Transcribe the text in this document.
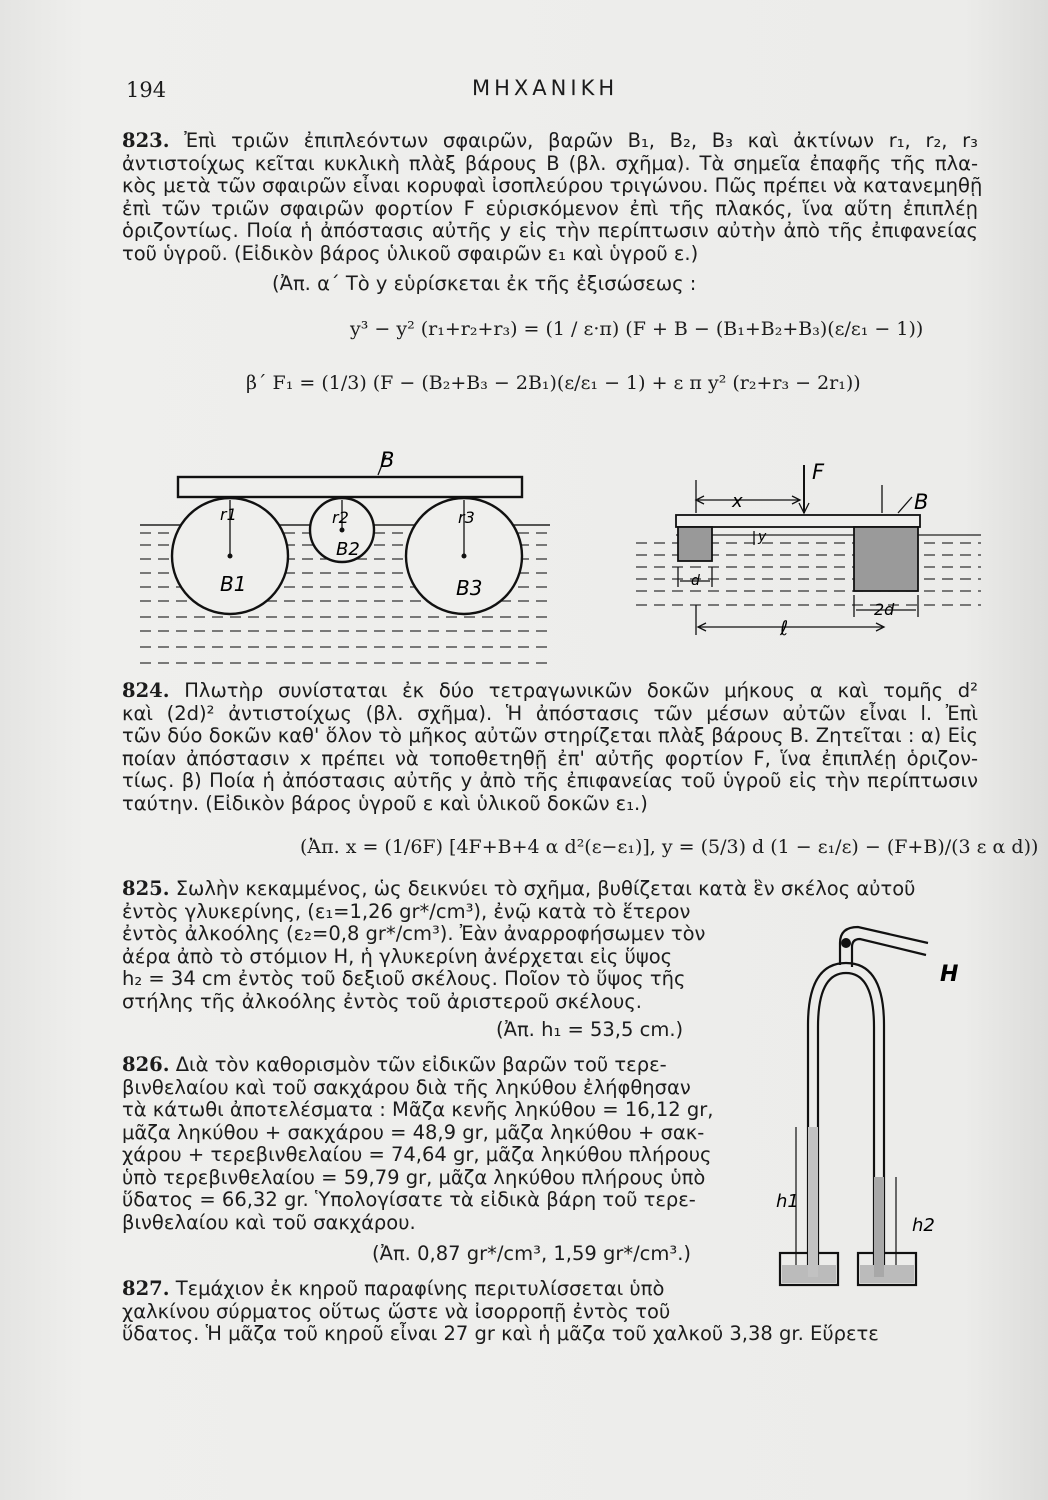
194	ΜΗΧΑΝΙΚΗ
823. Ἐπὶ τριῶν ἐπιπλεόντων σφαιρῶν, βαρῶν Β₁, Β₂, Β₃ καὶ ἀκτίνων r₁, r₂, r₃
ἀντιστοίχως κεῖται κυκλικὴ πλὰξ βάρους Β (βλ. σχῆμα). Τὰ σημεῖα ἐπαφῆς τῆς πλα-
κὸς μετὰ τῶν σφαιρῶν εἶναι κορυφαὶ ἰσοπλεύρου τριγώνου. Πῶς πρέπει νὰ κατανεμηθῇ
ἐπὶ τῶν τριῶν σφαιρῶν φορτίον F εὑρισκόμενον ἐπὶ τῆς πλακός, ἵνα αὕτη ἐπιπλέῃ
ὁριζοντίως. Ποία ἡ ἀπόστασις αὐτῆς y εἰς τὴν περίπτωσιν αὐτὴν ἀπὸ τῆς ἐπιφανείας
τοῦ ὑγροῦ. (Εἰδικὸν βάρος ὑλικοῦ σφαιρῶν ε₁ καὶ ὑγροῦ ε.)
(Ἀπ. α΄ Τὸ y εὑρίσκεται ἐκ τῆς ἐξισώσεως :
y³ − y² (r₁+r₂+r₃) = (1 / ε·π) (F + B − (B₁+B₂+B₃)(ε/ε₁ − 1))
β΄ F₁ = (1/3) (F − (B₂+B₃ − 2B₁)(ε/ε₁ − 1) + ε π y² (r₂+r₃ − 2r₁))
B
r1	r2	r3
B1
B2
B3
x
F
B
y
d
2d
ℓ
824. Πλωτὴρ συνίσταται ἐκ δύο τετραγωνικῶν δοκῶν μήκους α καὶ τομῆς d²
καὶ (2d)² ἀντιστοίχως (βλ. σχῆμα). Ἡ ἀπόστασις τῶν μέσων αὐτῶν εἶναι l. Ἐπὶ
τῶν δύο δοκῶν καθ' ὅλον τὸ μῆκος αὐτῶν στηρίζεται πλὰξ βάρους Β. Ζητεῖται : α) Εἰς
ποίαν ἀπόστασιν x πρέπει νὰ τοποθετηθῇ ἐπ' αὐτῆς φορτίον F, ἵνα ἐπιπλέῃ ὁριζον-
τίως. β) Ποία ἡ ἀπόστασις αὐτῆς y ἀπὸ τῆς ἐπιφανείας τοῦ ὑγροῦ εἰς τὴν περίπτωσιν
ταύτην. (Εἰδικὸν βάρος ὑγροῦ ε καὶ ὑλικοῦ δοκῶν ε₁.)
(Ἀπ. x = (1/6F) [4F+B+4 α d²(ε−ε₁)], y = (5/3) d (1 − ε₁/ε) − (F+B)/(3 ε α d))
825. Σωλὴν κεκαμμένος, ὡς δεικνύει τὸ σχῆμα, βυθίζεται κατὰ ἓν σκέλος αὐτοῦ
ἐντὸς γλυκερίνης, (ε₁=1,26 gr*/cm³), ἐνῷ κατὰ τὸ ἕτερον
ἐντὸς ἀλκοόλης (ε₂=0,8 gr*/cm³). Ἐὰν ἀναρροφήσωμεν τὸν
ἀέρα ἀπὸ τὸ στόμιον Η, ἡ γλυκερίνη ἀνέρχεται εἰς ὕψος
h₂ = 34 cm ἐντὸς τοῦ δεξιοῦ σκέλους. Ποῖον τὸ ὕψος τῆς
στήλης τῆς ἀλκοόλης ἐντὸς τοῦ ἀριστεροῦ σκέλους.
(Ἀπ. h₁ = 53,5 cm.)
826. Διὰ τὸν καθορισμὸν τῶν εἰδικῶν βαρῶν τοῦ τερε-
βινθελαίου καὶ τοῦ σακχάρου διὰ τῆς ληκύθου ἐλήφθησαν
τὰ κάτωθι ἀποτελέσματα : Μᾶζα κενῆς ληκύθου = 16,12 gr,
μᾶζα ληκύθου + σακχάρου = 48,9 gr, μᾶζα ληκύθου + σακ-
χάρου + τερεβινθελαίου = 74,64 gr, μᾶζα ληκύθου πλήρους
ὑπὸ τερεβινθελαίου = 59,79 gr, μᾶζα ληκύθου πλήρους ὑπὸ
ὕδατος = 66,32 gr. Ὑπολογίσατε τὰ εἰδικὰ βάρη τοῦ τερε-
βινθελαίου καὶ τοῦ σακχάρου.
(Ἀπ. 0,87 gr*/cm³, 1,59 gr*/cm³.)
827. Τεμάχιον ἐκ κηροῦ παραφίνης περιτυλίσσεται ὑπὸ
χαλκίνου σύρματος οὕτως ὥστε νὰ ἰσορροπῇ ἐντὸς τοῦ
ὕδατος. Ἡ μᾶζα τοῦ κηροῦ εἶναι 27 gr καὶ ἡ μᾶζα τοῦ χαλκοῦ 3,38 gr. Εὕρετε
H
h1
h2
